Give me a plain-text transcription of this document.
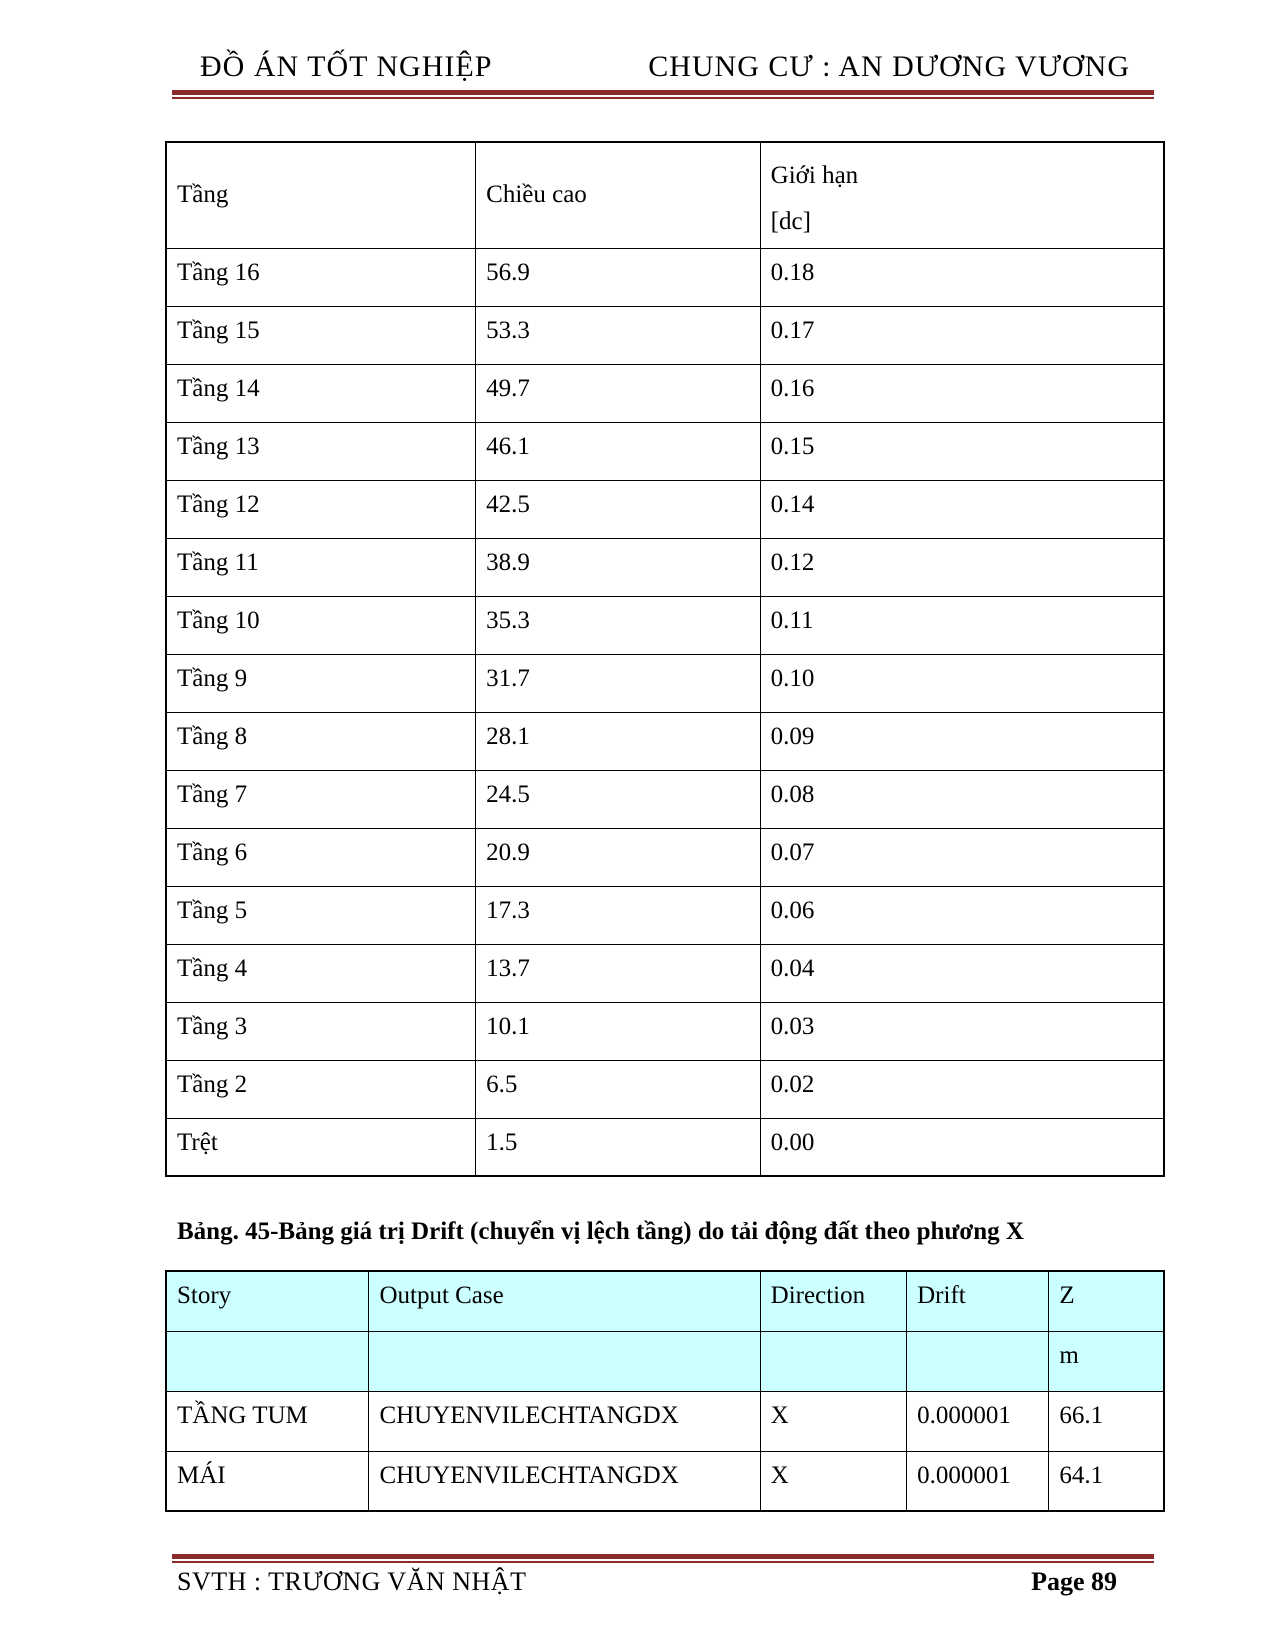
ĐỒ ÁN TỐT NGHIỆP	CHUNG CƯ : AN DƯƠNG VƯƠNG
Tầng	Chiều cao	Giới hạn
[dc]
Tầng 16	56.9	0.18
Tầng 15	53.3	0.17
Tầng 14	49.7	0.16
Tầng 13	46.1	0.15
Tầng 12	42.5	0.14
Tầng 11	38.9	0.12
Tầng 10	35.3	0.11
Tầng 9	31.7	0.10
Tầng 8	28.1	0.09
Tầng 7	24.5	0.08
Tầng 6	20.9	0.07
Tầng 5	17.3	0.06
Tầng 4	13.7	0.04
Tầng 3	10.1	0.03
Tầng 2	6.5	0.02
Trệt	1.5	0.00
Bảng. 45-Bảng giá trị Drift (chuyển vị lệch tầng) do tải động đất theo phương X
Story	Output Case	Direction	Drift	Z
				m
TẦNG TUM	CHUYENVILECHTANGDX	X	0.000001	66.1
MÁI	CHUYENVILECHTANGDX	X	0.000001	64.1
SVTH : TRƯƠNG VĂN NHẬT	Page 89
